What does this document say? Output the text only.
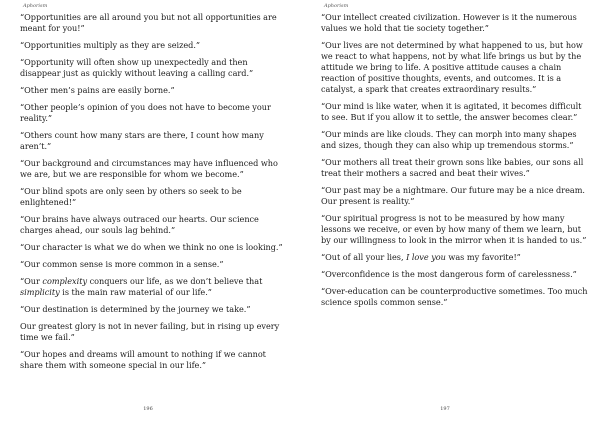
Aphorism
“Opportunities are all around you but not all opportunities are meant for you!”
“Opportunities multiply as they are seized.”
“Opportunity will often show up unexpectedly and then disappear just as quickly without leaving a calling card.”
“Other men’s pains are easily borne.”
“Other people’s opinion of you does not have to become your reality.”
“Others count how many stars are there, I count how many aren’t.”
“Our background and circumstances may have influenced who we are, but we are responsible for whom we become.”
“Our blind spots are only seen by others so seek to be enlightened!”
“Our brains have always outraced our hearts. Our science charges ahead, our souls lag behind.”
“Our character is what we do when we think no one is looking.”
“Our common sense is more common in a sense.”
“Our complexity conquers our life, as we don’t believe that simplicity is the main raw material of our life.”
“Our destination is determined by the journey we take.”
Our greatest glory is not in never failing, but in rising up every time we fail.”
“Our hopes and dreams will amount to nothing if we cannot share them with someone special in our life.”
196
Aphorism
“Our intellect created civilization. However is it the numerous values we hold that tie society together.”
“Our lives are not determined by what happened to us, but how we react to what happens, not by what life brings us but by the attitude we bring to life. A positive attitude causes a chain reaction of positive thoughts, events, and outcomes. It is a catalyst, a spark that creates extraordinary results.”
“Our mind is like water, when it is agitated, it becomes difficult to see. But if you allow it to settle, the answer becomes clear.”
“Our minds are like clouds. They can morph into many shapes and sizes, though they can also whip up tremendous storms.”
“Our mothers all treat their grown sons like babies, our sons all treat their mothers a sacred and beat their wives.”
“Our past may be a nightmare. Our future may be a nice dream. Our present is reality.”
“Our spiritual progress is not to be measured by how many lessons we receive, or even by how many of them we learn, but by our willingness to look in the mirror when it is handed to us.”
“Out of all your lies, I love you was my favorite!”
“Overconfidence is the most dangerous form of carelessness.”
“Over-education can be counterproductive sometimes. Too much science spoils common sense.”
197
